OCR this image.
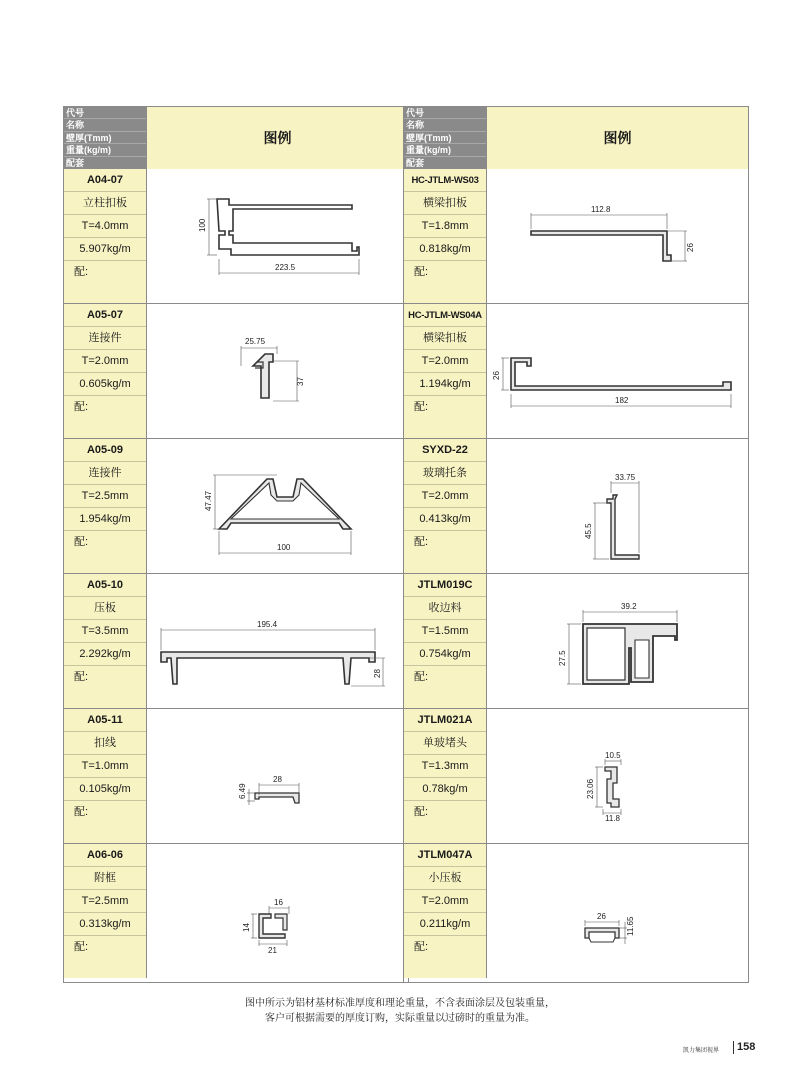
代号
名称
壁厚(Tmm)
重量(kg/m)
配套
图例
A04-07
立柱扣板
T=4.0mm
5.907kg/m
配:
100
223.5
A05-07
连接件
T=2.0mm
0.605kg/m
配:
25.75
37
A05-09
连接件
T=2.5mm
1.954kg/m
配:
47.47
100
A05-10
压板
T=3.5mm
2.292kg/m
配:
195.4
28
A05-11
扣线
T=1.0mm
0.105kg/m
配:
28
6.49
A06-06
附框
T=2.5mm
0.313kg/m
配:
16
14
21
代号
名称
壁厚(Tmm)
重量(kg/m)
配套
图例
HC-JTLM-WS03
横梁扣板
T=1.8mm
0.818kg/m
配:
112.8
26
HC-JTLM-WS04A
横梁扣板
T=2.0mm
1.194kg/m
配:
26
182
SYXD-22
玻璃托条
T=2.0mm
0.413kg/m
配:
33.75
45.5
JTLM019C
收边料
T=1.5mm
0.754kg/m
配:
39.2
27.5
JTLM021A
单玻堵头
T=1.3mm
0.78kg/m
配:
10.5
23.06
11.8
JTLM047A
小压板
T=2.0mm
0.211kg/m
配:
26
11.65
图中所示为铝材基材标准厚度和理论重量，不含表面涂层及包装重量，
客户可根据需要的厚度订购，实际重量以过磅时的重量为准。
凯力集团视界 158
